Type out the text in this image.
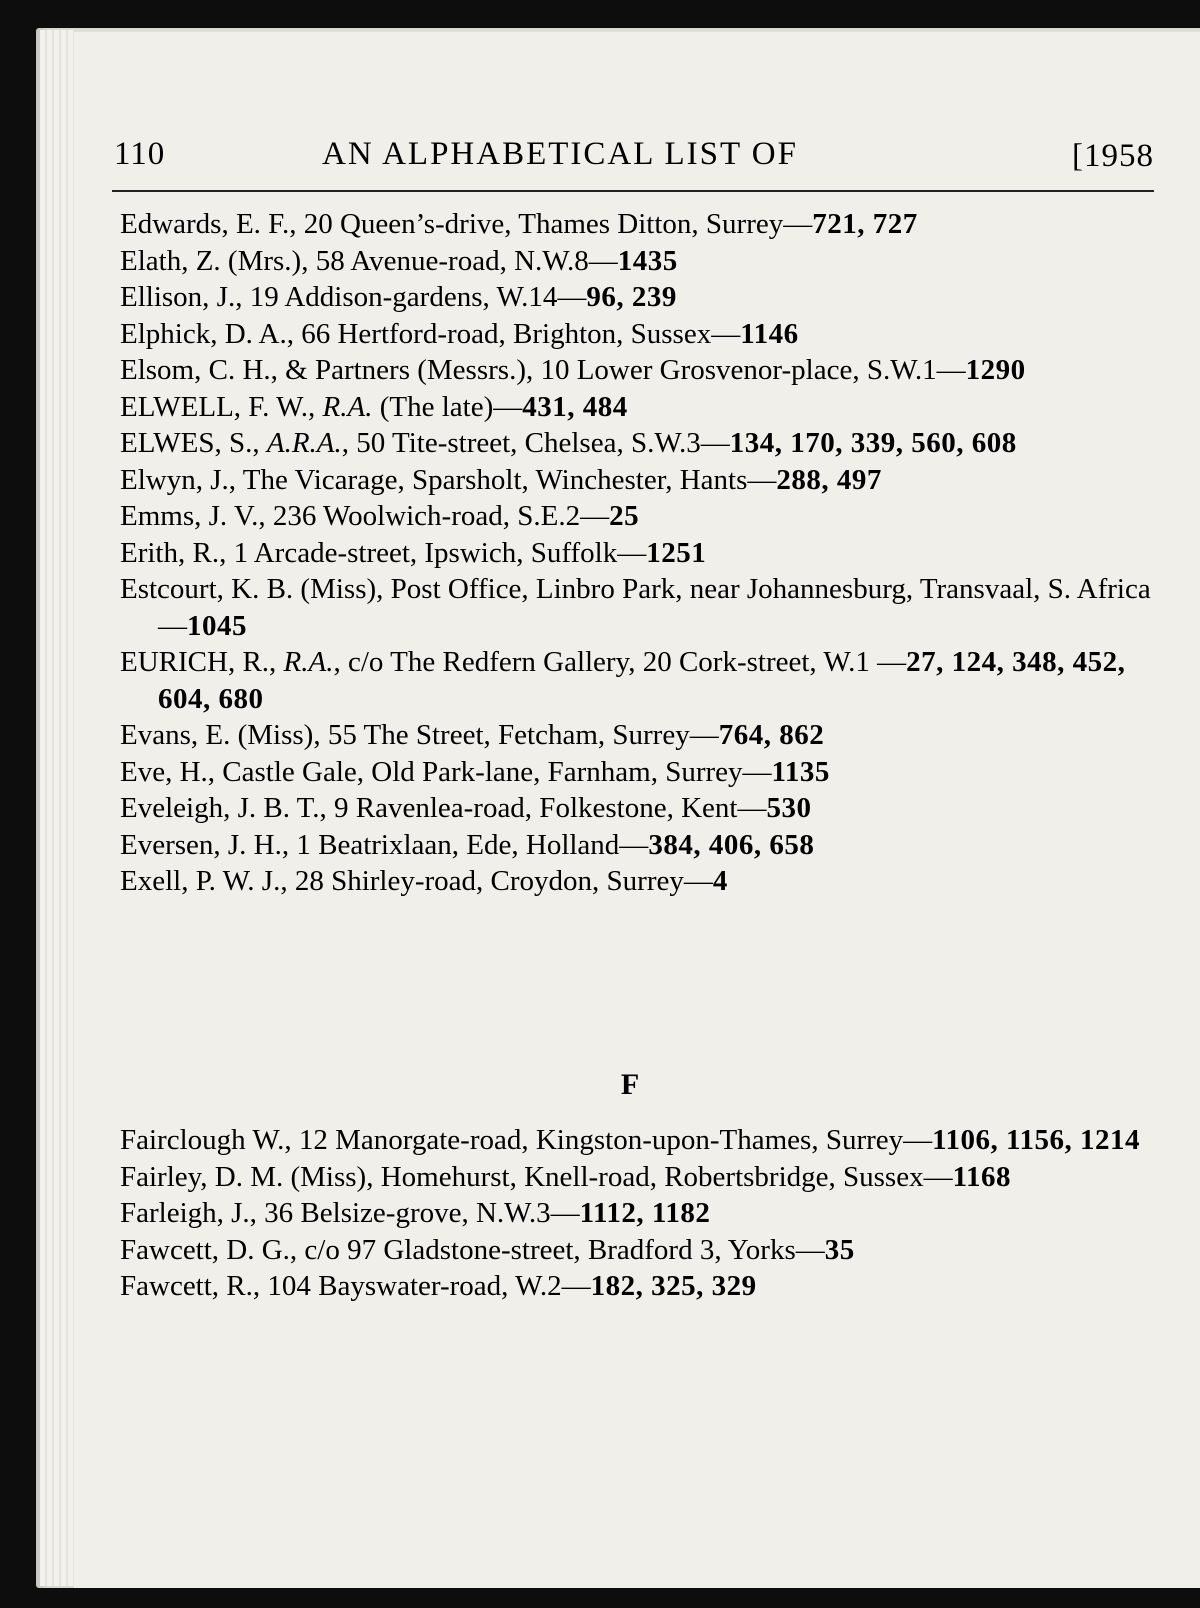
110	AN ALPHABETICAL LIST OF	[1958

Edwards, E. F., 20 Queen’s-drive, Thames Ditton, Surrey—721, 727

Elath, Z. (Mrs.), 58 Avenue-road, N.W.8—1435

Ellison, J., 19 Addison-gardens, W.14—96, 239

Elphick, D. A., 66 Hertford-road, Brighton, Sussex—1146

Elsom, C. H., & Partners (Messrs.), 10 Lower Grosvenor-place, S.W.1—1290

ELWELL, F. W., R.A. (The late)—431, 484

ELWES, S., A.R.A., 50 Tite-street, Chelsea, S.W.3—134, 170, 339, 560, 608

Elwyn, J., The Vicarage, Sparsholt, Winchester, Hants—288, 497

Emms, J. V., 236 Woolwich-road, S.E.2—25

Erith, R., 1 Arcade-street, Ipswich, Suffolk—1251

Estcourt, K. B. (Miss), Post Office, Linbro Park, near Johannesburg, Transvaal, S. Africa—1045

EURICH, R., R.A., c/o The Redfern Gallery, 20 Cork-street, W.1 —27, 124, 348, 452, 604, 680

Evans, E. (Miss), 55 The Street, Fetcham, Surrey—764, 862

Eve, H., Castle Gale, Old Park-lane, Farnham, Surrey—1135

Eveleigh, J. B. T., 9 Ravenlea-road, Folkestone, Kent—530

Eversen, J. H., 1 Beatrixlaan, Ede, Holland—384, 406, 658

Exell, P. W. J., 28 Shirley-road, Croydon, Surrey—4

F

Fairclough W., 12 Manorgate-road, Kingston-upon-Thames, Surrey—1106, 1156, 1214

Fairley, D. M. (Miss), Homehurst, Knell-road, Robertsbridge, Sussex—1168

Farleigh, J., 36 Belsize-grove, N.W.3—1112, 1182

Fawcett, D. G., c/o 97 Gladstone-street, Bradford 3, Yorks—35

Fawcett, R., 104 Bayswater-road, W.2—182, 325, 329
